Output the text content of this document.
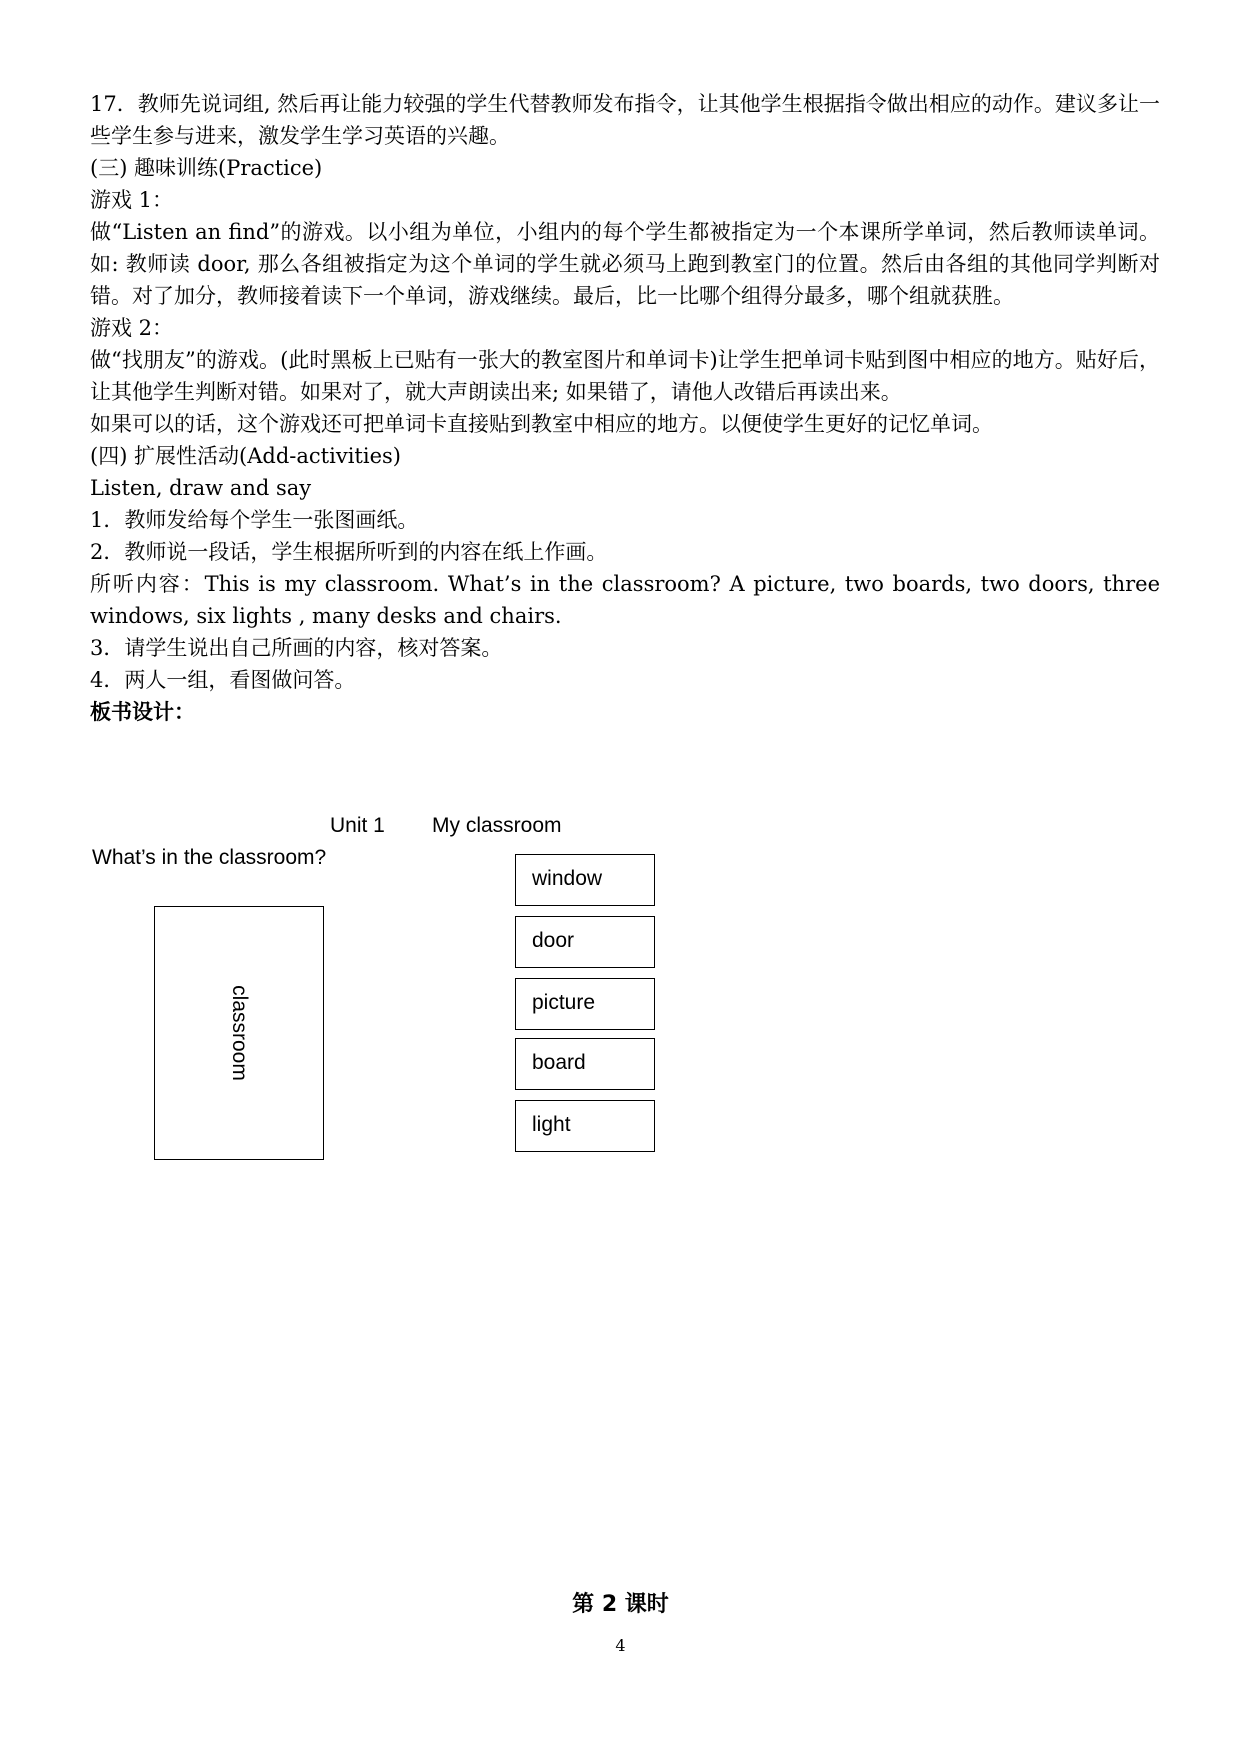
17．教师先说词组, 然后再让能力较强的学生代替教师发布指令，让其他学生根据指令做出相应的动作。建议多让一些学生参与进来，激发学生学习英语的兴趣。

(三) 趣味训练(Practice)

游戏 1：

做“Listen an find”的游戏。以小组为单位，小组内的每个学生都被指定为一个本课所学单词，然后教师读单词。如: 教师读 door, 那么各组被指定为这个单词的学生就必须马上跑到教室门的位置。然后由各组的其他同学判断对错。对了加分，教师接着读下一个单词，游戏继续。最后，比一比哪个组得分最多，哪个组就获胜。

游戏 2：

做“找朋友”的游戏。(此时黑板上已贴有一张大的教室图片和单词卡)让学生把单词卡贴到图中相应的地方。贴好后，让其他学生判断对错。如果对了，就大声朗读出来; 如果错了，请他人改错后再读出来。

如果可以的话，这个游戏还可把单词卡直接贴到教室中相应的地方。以便使学生更好的记忆单词。

(四) 扩展性活动(Add-activities)

Listen, draw and say

1．教师发给每个学生一张图画纸。

2．教师说一段话，学生根据所听到的内容在纸上作画。

所听内容：This is my classroom. What’s in the classroom? A picture, two boards, two doors, three windows, six lights , many desks and chairs.

3．请学生说出自己所画的内容，核对答案。

4．两人一组，看图做问答。

板书设计：

Unit 1 My classroom
What’s in the classroom?
classroom
window
door
picture
board
light
第 2 课时
4
